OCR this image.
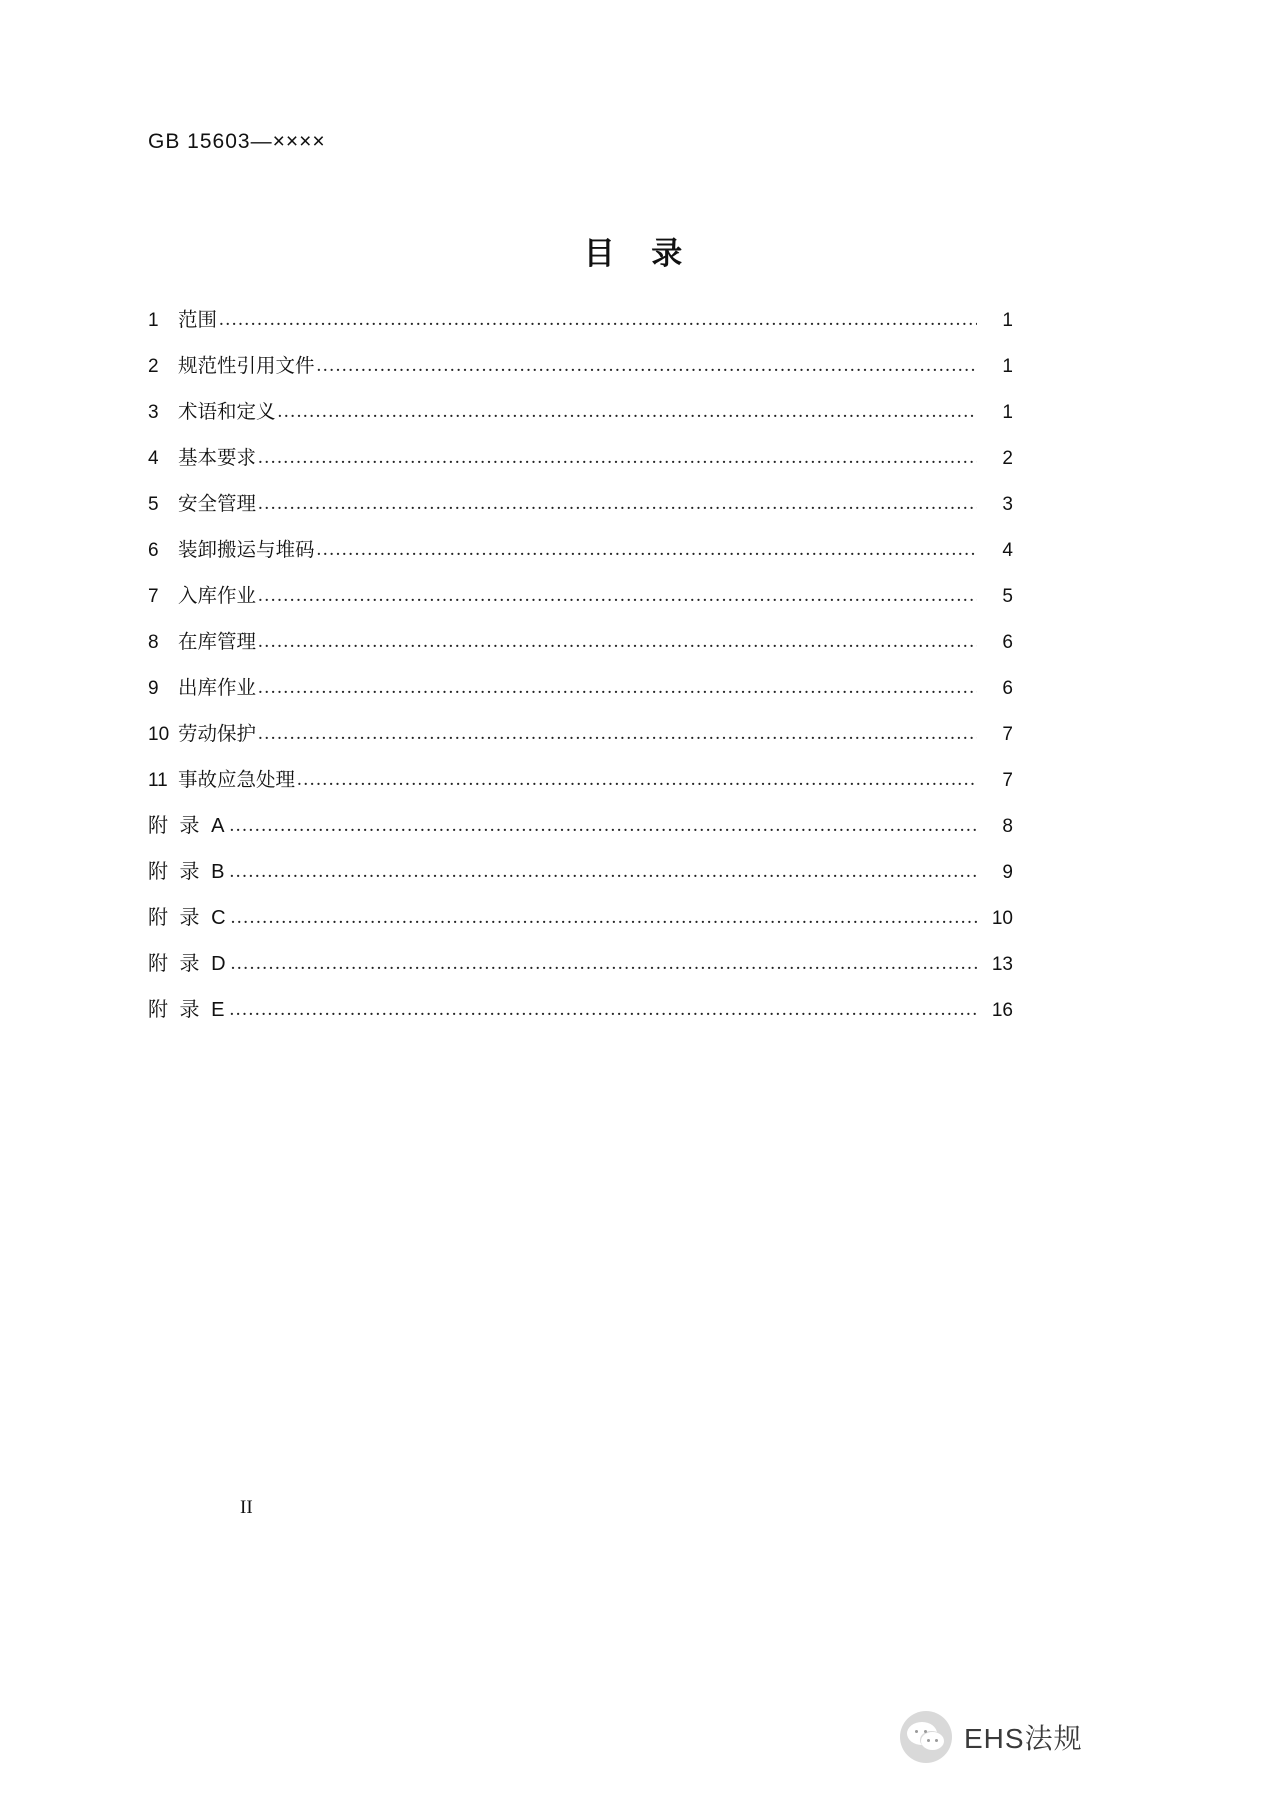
GB 15603—××××
目 录
1 范围 .....	1
2 规范性引用文件 .....	1
3 术语和定义 .....	1
4 基本要求 .....	2
5 安全管理 .....	3
6 装卸搬运与堆码 .....	4
7 入库作业 .....	5
8 在库管理 .....	6
9 出库作业 .....	6
10 劳动保护 .....	7
11 事故应急处理 .....	7
附 录 A .....	8
附 录 B .....	9
附 录 C .....	10
附 录 D .....	13
附 录 E .....	16
II
EHS法规
